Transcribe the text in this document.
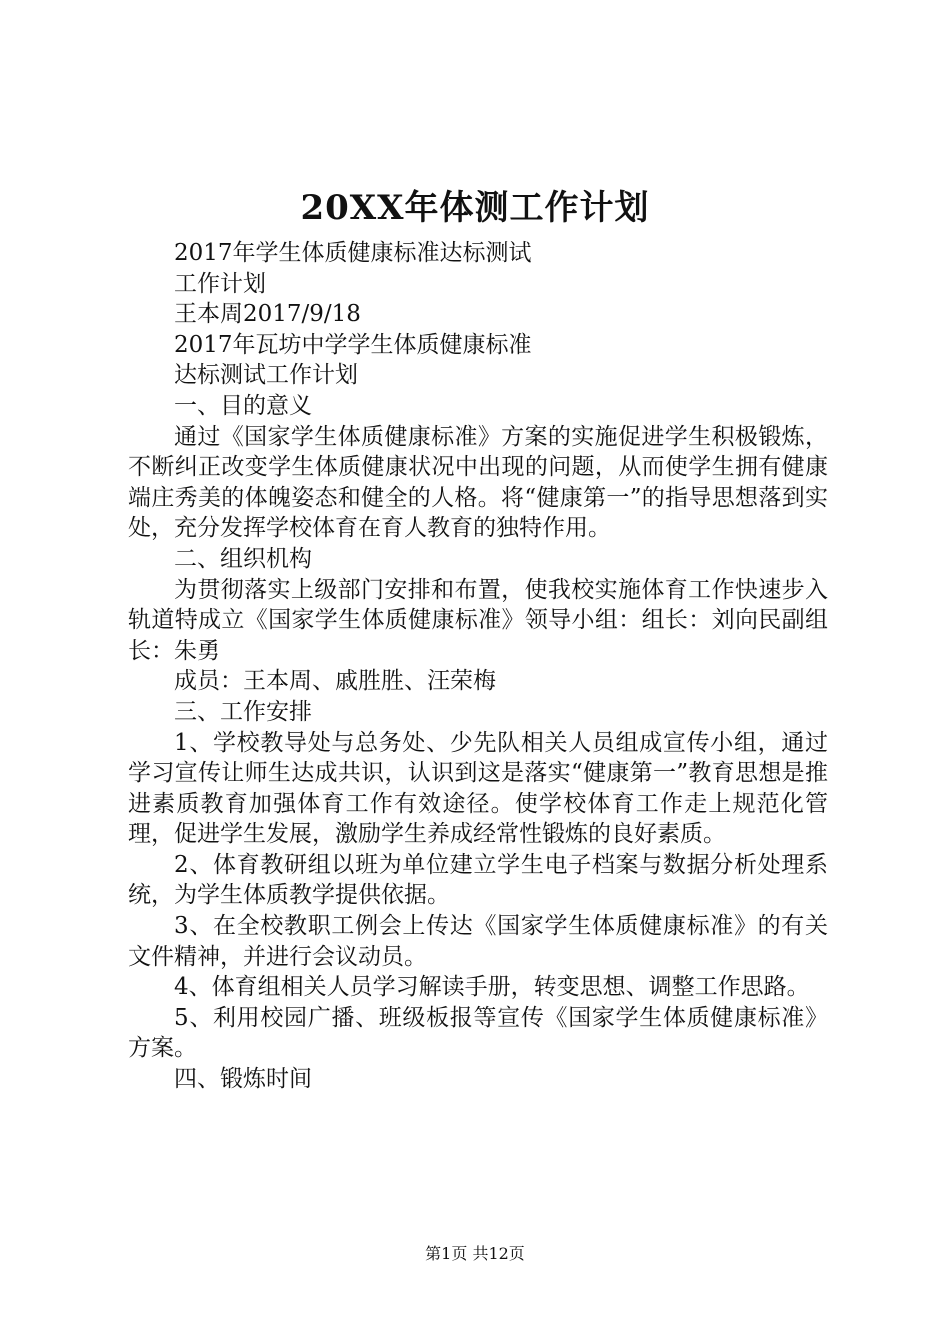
20XX年体测工作计划

2017年学生体质健康标准达标测试

工作计划

王本周2017/9/18

2017年瓦坊中学学生体质健康标准

达标测试工作计划

一、目的意义

通过《国家学生体质健康标准》方案的实施促进学生积极锻炼，不断纠正改变学生体质健康状况中出现的问题，从而使学生拥有健康端庄秀美的体魄姿态和健全的人格。将“健康第一”的指导思想落到实处，充分发挥学校体育在育人教育的独特作用。

二、组织机构

为贯彻落实上级部门安排和布置，使我校实施体育工作快速步入轨道特成立《国家学生体质健康标准》领导小组：组长：刘向民副组长：朱勇

成员：王本周、戚胜胜、汪荣梅

三、工作安排

1、学校教导处与总务处、少先队相关人员组成宣传小组，通过学习宣传让师生达成共识，认识到这是落实“健康第一”教育思想是推进素质教育加强体育工作有效途径。使学校体育工作走上规范化管理，促进学生发展，激励学生养成经常性锻炼的良好素质。

2、体育教研组以班为单位建立学生电子档案与数据分析处理系统，为学生体质教学提供依据。

3、在全校教职工例会上传达《国家学生体质健康标准》的有关文件精神，并进行会议动员。

4、体育组相关人员学习解读手册，转变思想、调整工作思路。

5、利用校园广播、班级板报等宣传《国家学生体质健康标准》方案。

四、锻炼时间

第1页 共12页
